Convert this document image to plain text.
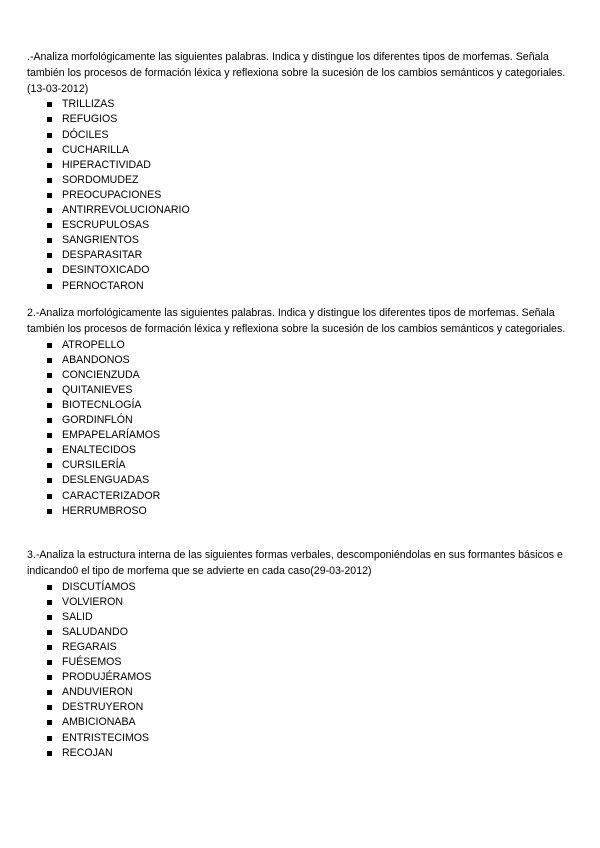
.-Analiza morfológicamente las siguientes palabras. Indica y distingue los diferentes tipos de morfemas. Señala también los procesos de formación léxica y reflexiona sobre la sucesión de los cambios semánticos y categoriales. (13-03-2012)

TRILLIZAS
REFUGIOS
DÓCILES
CUCHARILLA
HIPERACTIVIDAD
SORDOMUDEZ
PREOCUPACIONES
ANTIRREVOLUCIONARIO
ESCRUPULOSAS
SANGRIENTOS
DESPARASITAR
DESINTOXICADO
PERNOCTARON

2.-Analiza morfológicamente las siguientes palabras. Indica y distingue los diferentes tipos de morfemas. Señala también los procesos de formación léxica y reflexiona sobre la sucesión de los cambios semánticos y categoriales.

ATROPELLO
ABANDONOS
CONCIENZUDA
QUITANIEVES
BIOTECNLOGÍA
GORDINFLÓN
EMPAPELARÍAMOS
ENALTECIDOS
CURSILERÍA
DESLENGUADAS
CARACTERIZADOR
HERRUMBROSO

3.-Analiza la estructura interna de las siguientes formas verbales, descomponiéndolas en sus formantes básicos e indicando0 el tipo de morfema que se advierte en cada caso(29-03-2012)

DISCUTÍAMOS
VOLVIERON
SALID
SALUDANDO
REGARAIS
FUÉSEMOS
PRODUJÉRAMOS
ANDUVIERON
DESTRUYERON
AMBICIONABA
ENTRISTECIMOS
RECOJAN
